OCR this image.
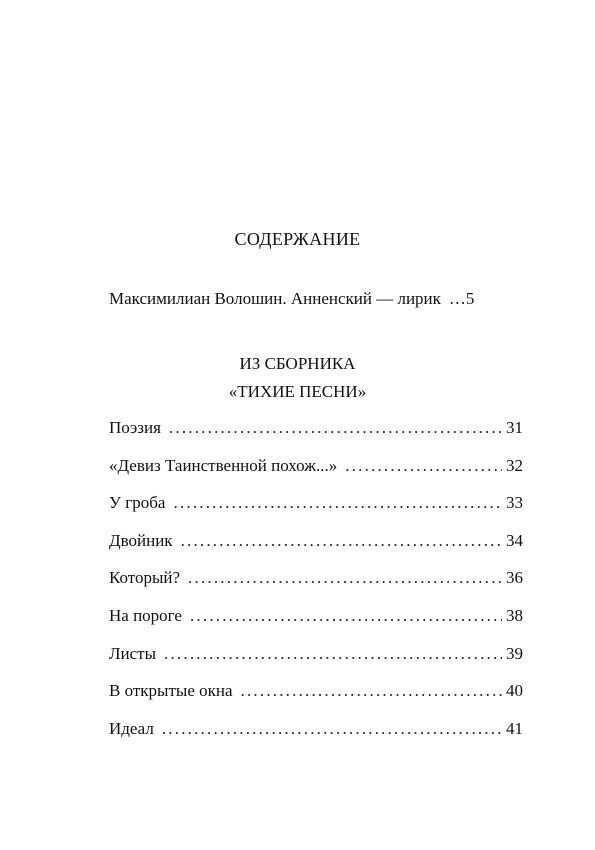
СОДЕРЖАНИЕ
Максимилиан Волошин. Анненский — лирик … 5
ИЗ СБОРНИКА
«ТИХИЕ ПЕСНИ»
Поэзия .....	31
«Девиз Таинственной похож...» .....	32
У гроба .....	33
Двойник .....	34
Который? .....	36
На пороге .....	38
Листы .....	39
В открытые окна .....	40
Идеал .....	41
